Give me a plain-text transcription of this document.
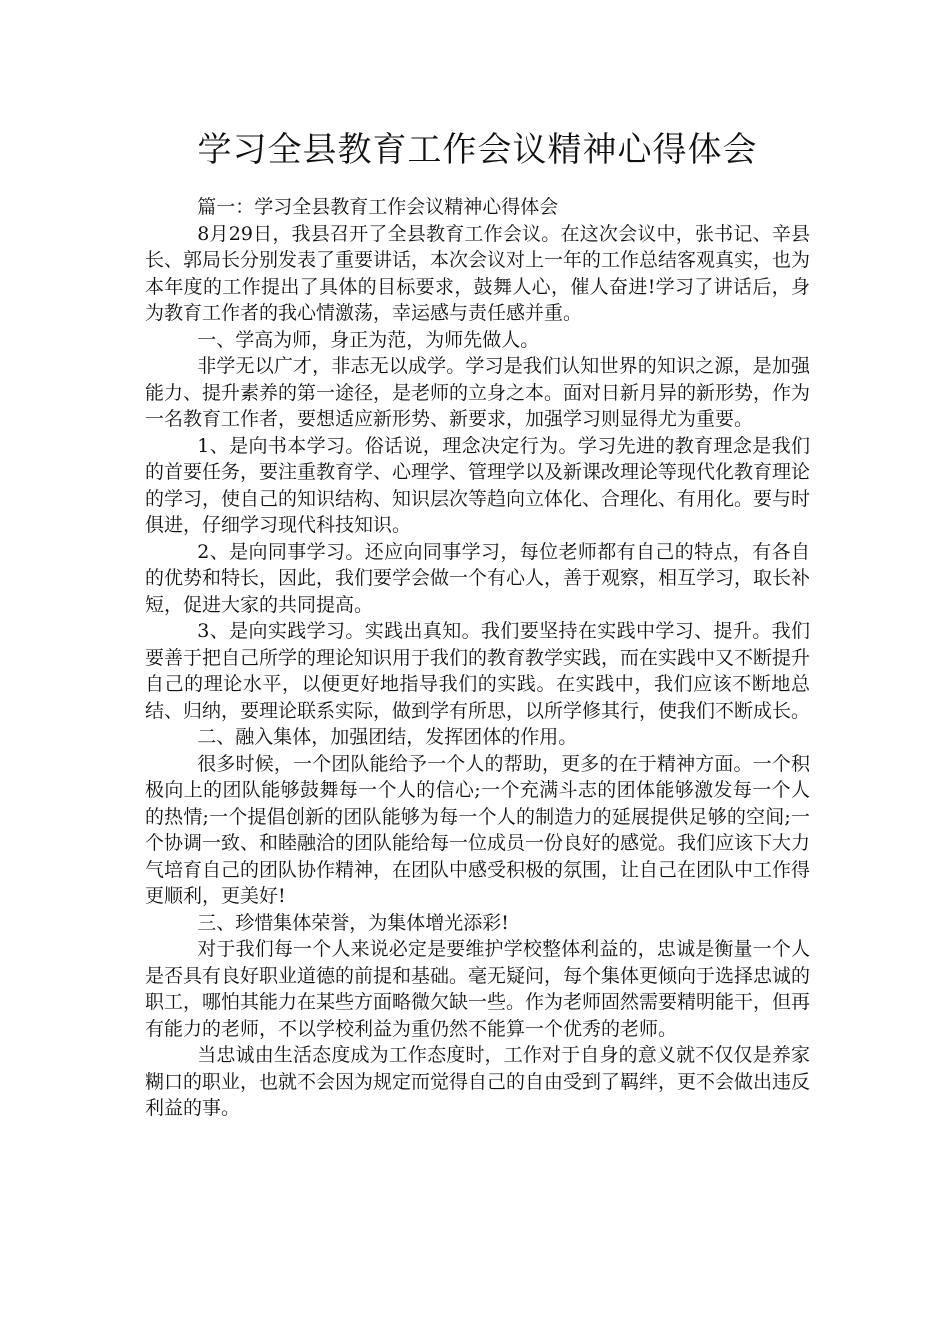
学习全县教育工作会议精神心得体会

篇一：学习全县教育工作会议精神心得体会

8月29日，我县召开了全县教育工作会议。在这次会议中，张书记、辛县长、郭局长分别发表了重要讲话，本次会议对上一年的工作总结客观真实，也为本年度的工作提出了具体的目标要求，鼓舞人心，催人奋进!学习了讲话后，身为教育工作者的我心情激荡，幸运感与责任感并重。

一、学高为师，身正为范，为师先做人。

非学无以广才，非志无以成学。学习是我们认知世界的知识之源，是加强能力、提升素养的第一途径，是老师的立身之本。面对日新月异的新形势，作为一名教育工作者，要想适应新形势、新要求，加强学习则显得尤为重要。

1、是向书本学习。俗话说，理念决定行为。学习先进的教育理念是我们的首要任务，要注重教育学、心理学、管理学以及新课改理论等现代化教育理论的学习，使自己的知识结构、知识层次等趋向立体化、合理化、有用化。要与时俱进，仔细学习现代科技知识。

2、是向同事学习。还应向同事学习，每位老师都有自己的特点，有各自的优势和特长，因此，我们要学会做一个有心人，善于观察，相互学习，取长补短，促进大家的共同提高。

3、是向实践学习。实践出真知。我们要坚持在实践中学习、提升。我们要善于把自己所学的理论知识用于我们的教育教学实践，而在实践中又不断提升自己的理论水平，以便更好地指导我们的实践。在实践中，我们应该不断地总结、归纳，要理论联系实际，做到学有所思，以所学修其行，使我们不断成长。

二、融入集体，加强团结，发挥团体的作用。

很多时候，一个团队能给予一个人的帮助，更多的在于精神方面。一个积极向上的团队能够鼓舞每一个人的信心;一个充满斗志的团体能够激发每一个人的热情;一个提倡创新的团队能够为每一个人的制造力的延展提供足够的空间;一个协调一致、和睦融洽的团队能给每一位成员一份良好的感觉。我们应该下大力气培育自己的团队协作精神，在团队中感受积极的氛围，让自己在团队中工作得更顺利，更美好!

三、珍惜集体荣誉，为集体增光添彩!

对于我们每一个人来说必定是要维护学校整体利益的，忠诚是衡量一个人是否具有良好职业道德的前提和基础。毫无疑问，每个集体更倾向于选择忠诚的职工，哪怕其能力在某些方面略微欠缺一些。作为老师固然需要精明能干，但再有能力的老师，不以学校利益为重仍然不能算一个优秀的老师。

当忠诚由生活态度成为工作态度时，工作对于自身的意义就不仅仅是养家糊口的职业，也就不会因为规定而觉得自己的自由受到了羁绊，更不会做出违反利益的事。
